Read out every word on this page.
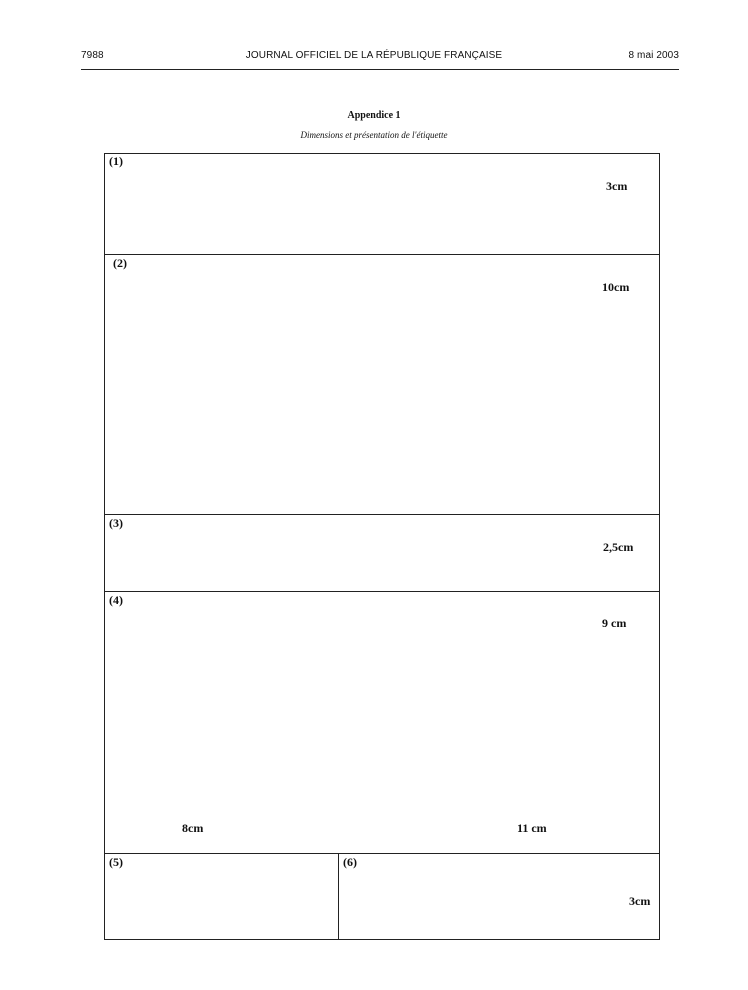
7988	JOURNAL OFFICIEL DE LA RÉPUBLIQUE FRANÇAISE	8 mai 2003
Appendice 1
Dimensions et présentation de l'étiquette
(1)
3cm
(2)
10cm
(3)
2,5cm
(4)
9 cm
8cm	11 cm
(5)	(6)
3cm
